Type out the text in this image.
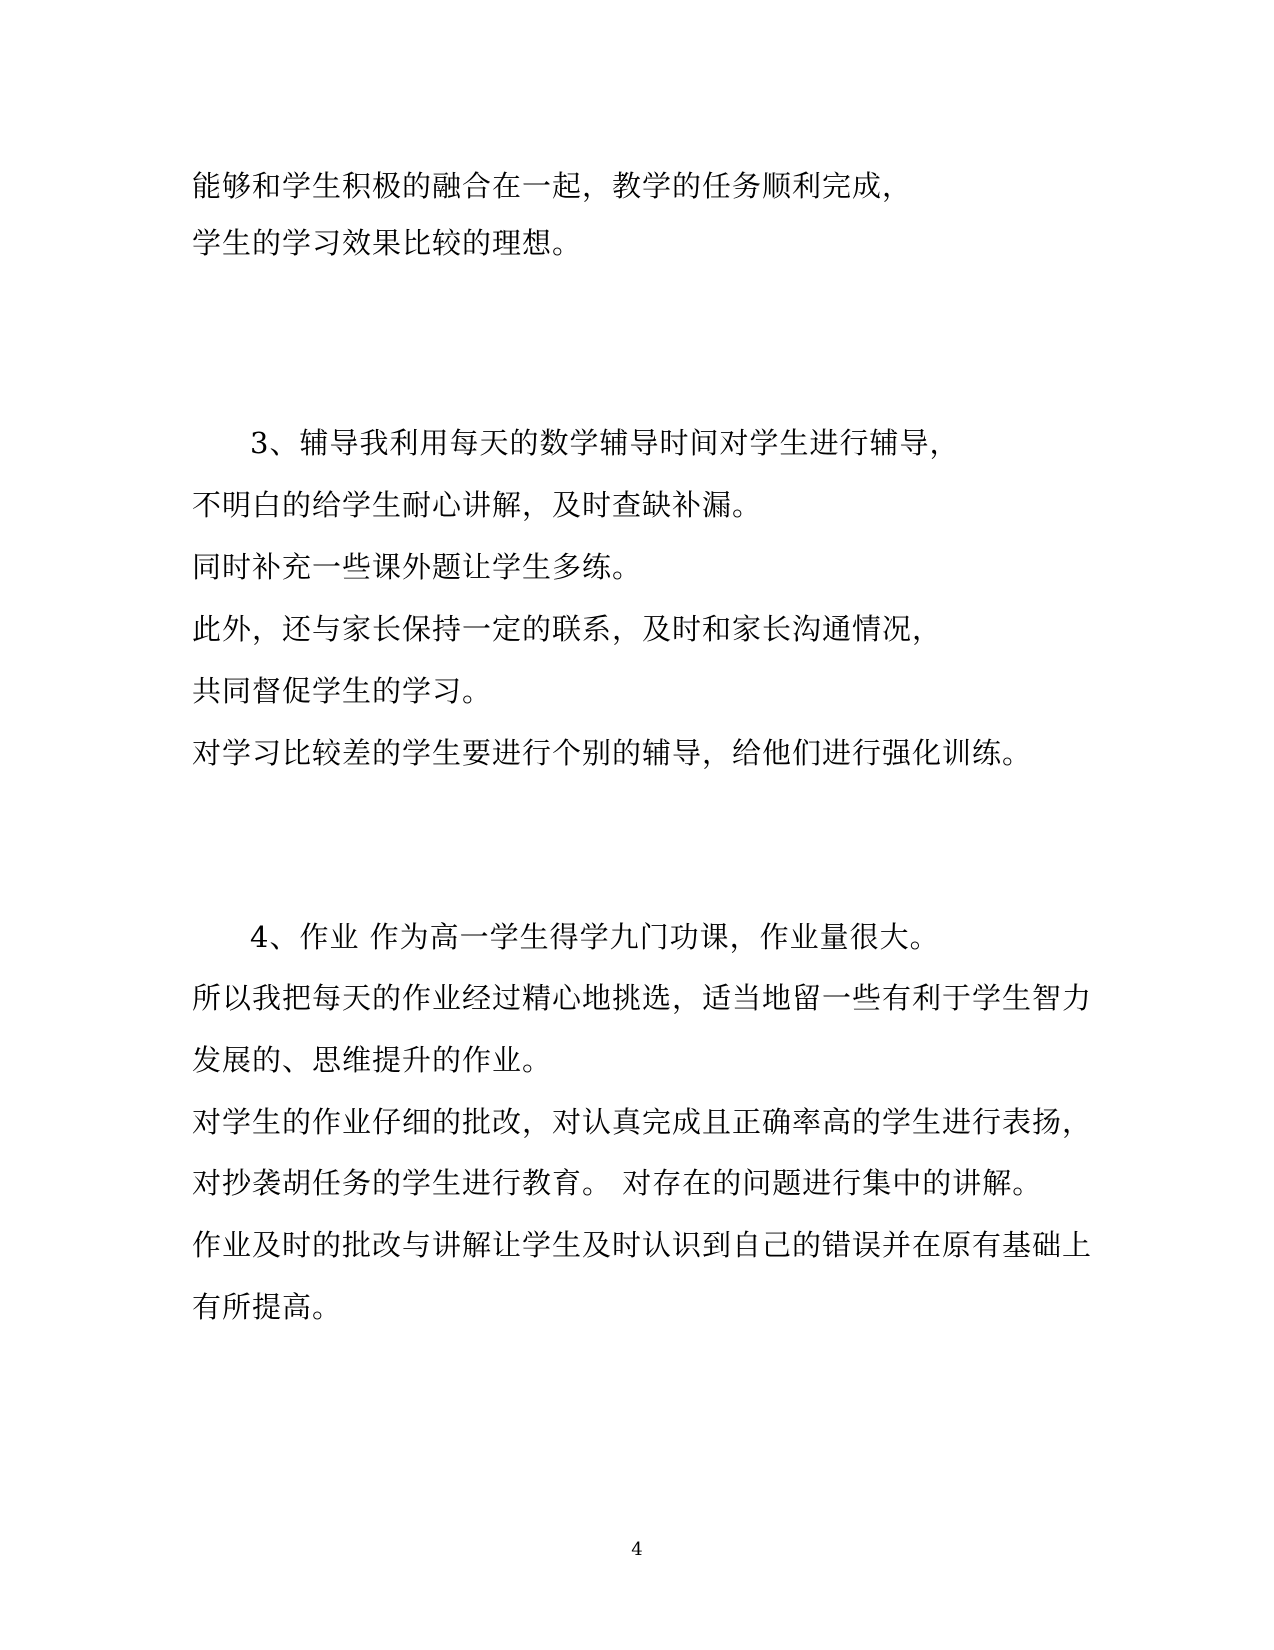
能够和学生积极的融合在一起，教学的任务顺利完成，
学生的学习效果比较的理想。
3、辅导我利用每天的数学辅导时间对学生进行辅导，
不明白的给学生耐心讲解，及时查缺补漏。
同时补充一些课外题让学生多练。
此外，还与家长保持一定的联系，及时和家长沟通情况，
共同督促学生的学习。
对学习比较差的学生要进行个别的辅导，给他们进行强化训练。
4、作业 作为高一学生得学九门功课，作业量很大。
所以我把每天的作业经过精心地挑选，适当地留一些有利于学生智力
发展的、思维提升的作业。
对学生的作业仔细的批改，对认真完成且正确率高的学生进行表扬，
对抄袭胡任务的学生进行教育。 对存在的问题进行集中的讲解。
作业及时的批改与讲解让学生及时认识到自己的错误并在原有基础上
有所提高。
4
